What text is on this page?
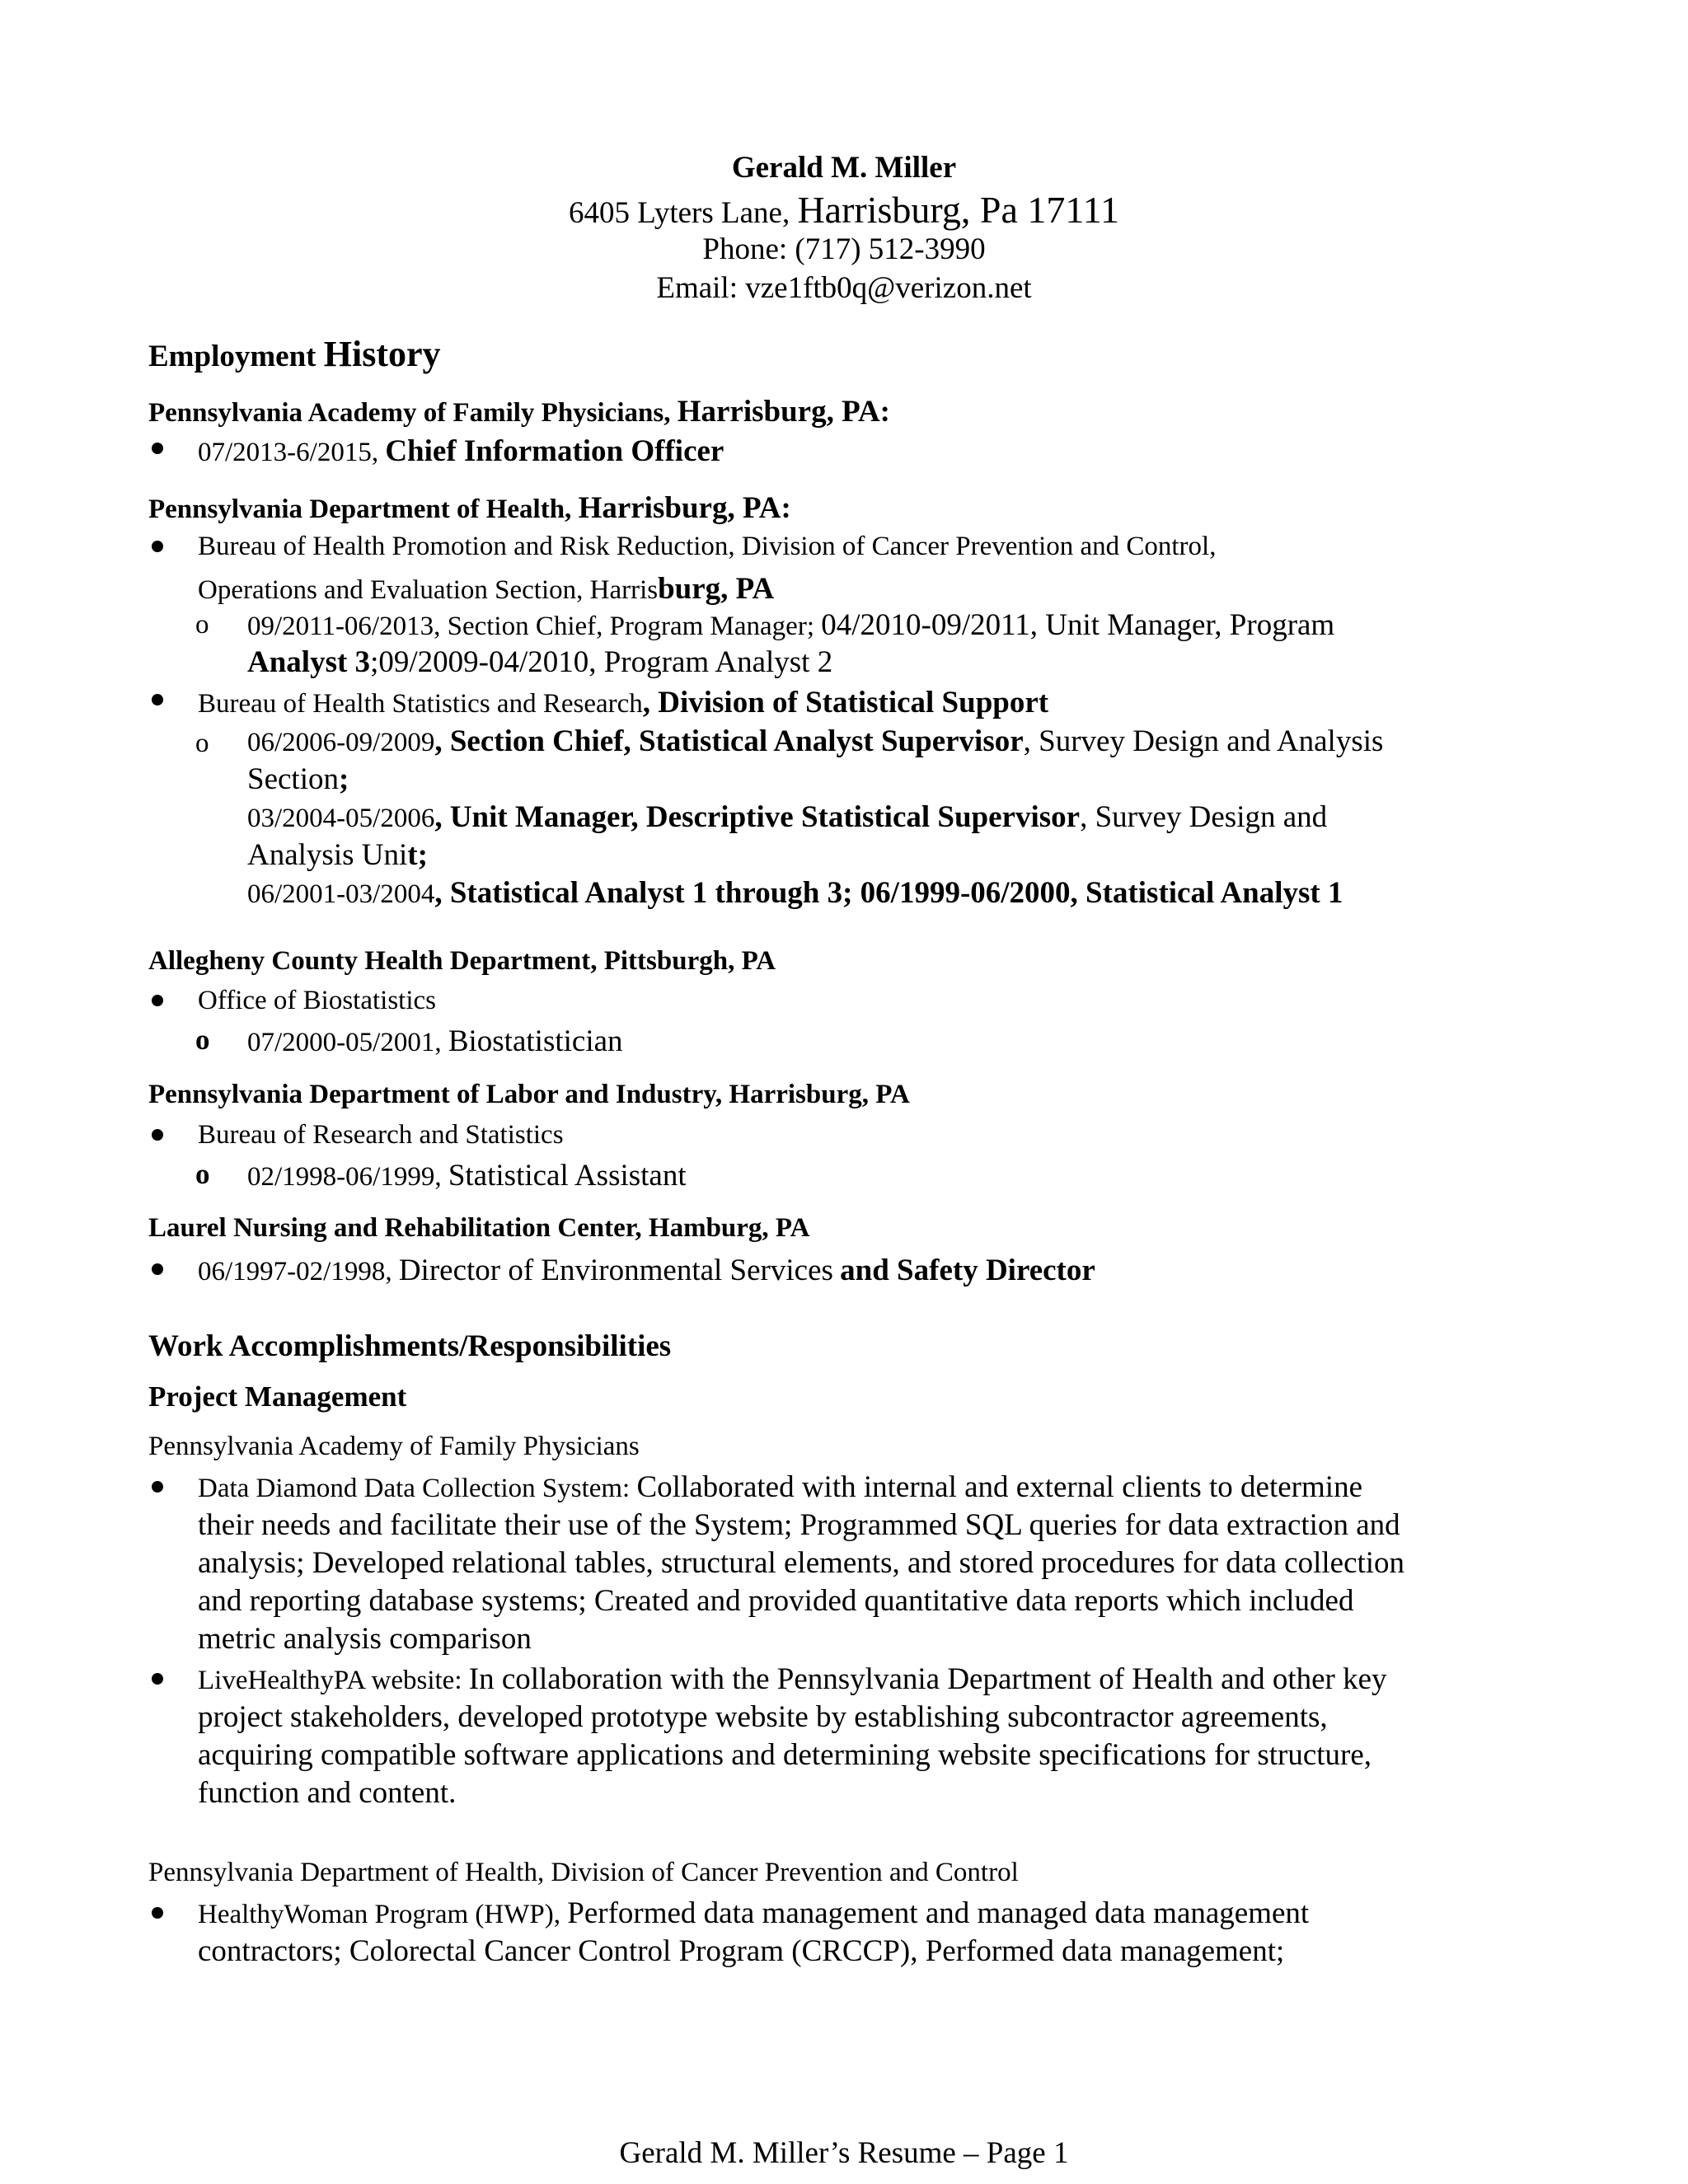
Gerald M. Miller
6405 Lyters Lane, Harrisburg, Pa 17111
Phone: (717) 512-3990
Email: vze1ftb0q@verizon.net
Employment History
Pennsylvania Academy of Family Physicians, Harrisburg, PA:
07/2013-6/2015, Chief Information Officer
Pennsylvania Department of Health, Harrisburg, PA:
Bureau of Health Promotion and Risk Reduction, Division of Cancer Prevention and Control,
Operations and Evaluation Section, Harrisburg, PA
o 09/2011-06/2013, Section Chief, Program Manager; 04/2010-09/2011, Unit Manager, Program
Analyst 3;09/2009-04/2010, Program Analyst 2
Bureau of Health Statistics and Research, Division of Statistical Support
o 06/2006-09/2009, Section Chief, Statistical Analyst Supervisor, Survey Design and Analysis
Section;
03/2004-05/2006, Unit Manager, Descriptive Statistical Supervisor, Survey Design and
Analysis Unit;
06/2001-03/2004, Statistical Analyst 1 through 3; 06/1999-06/2000, Statistical Analyst 1
Allegheny County Health Department, Pittsburgh, PA
Office of Biostatistics
o 07/2000-05/2001, Biostatistician
Pennsylvania Department of Labor and Industry, Harrisburg, PA
Bureau of Research and Statistics
o 02/1998-06/1999, Statistical Assistant
Laurel Nursing and Rehabilitation Center, Hamburg, PA
06/1997-02/1998, Director of Environmental Services and Safety Director
Work Accomplishments/Responsibilities
Project Management
Pennsylvania Academy of Family Physicians
Data Diamond Data Collection System: Collaborated with internal and external clients to determine
their needs and facilitate their use of the System; Programmed SQL queries for data extraction and
analysis; Developed relational tables, structural elements, and stored procedures for data collection
and reporting database systems; Created and provided quantitative data reports which included
metric analysis comparison
LiveHealthyPA website: In collaboration with the Pennsylvania Department of Health and other key
project stakeholders, developed prototype website by establishing subcontractor agreements,
acquiring compatible software applications and determining website specifications for structure,
function and content.
Pennsylvania Department of Health, Division of Cancer Prevention and Control
HealthyWoman Program (HWP), Performed data management and managed data management
contractors; Colorectal Cancer Control Program (CRCCP), Performed data management;
Gerald M. Miller’s Resume – Page 1
